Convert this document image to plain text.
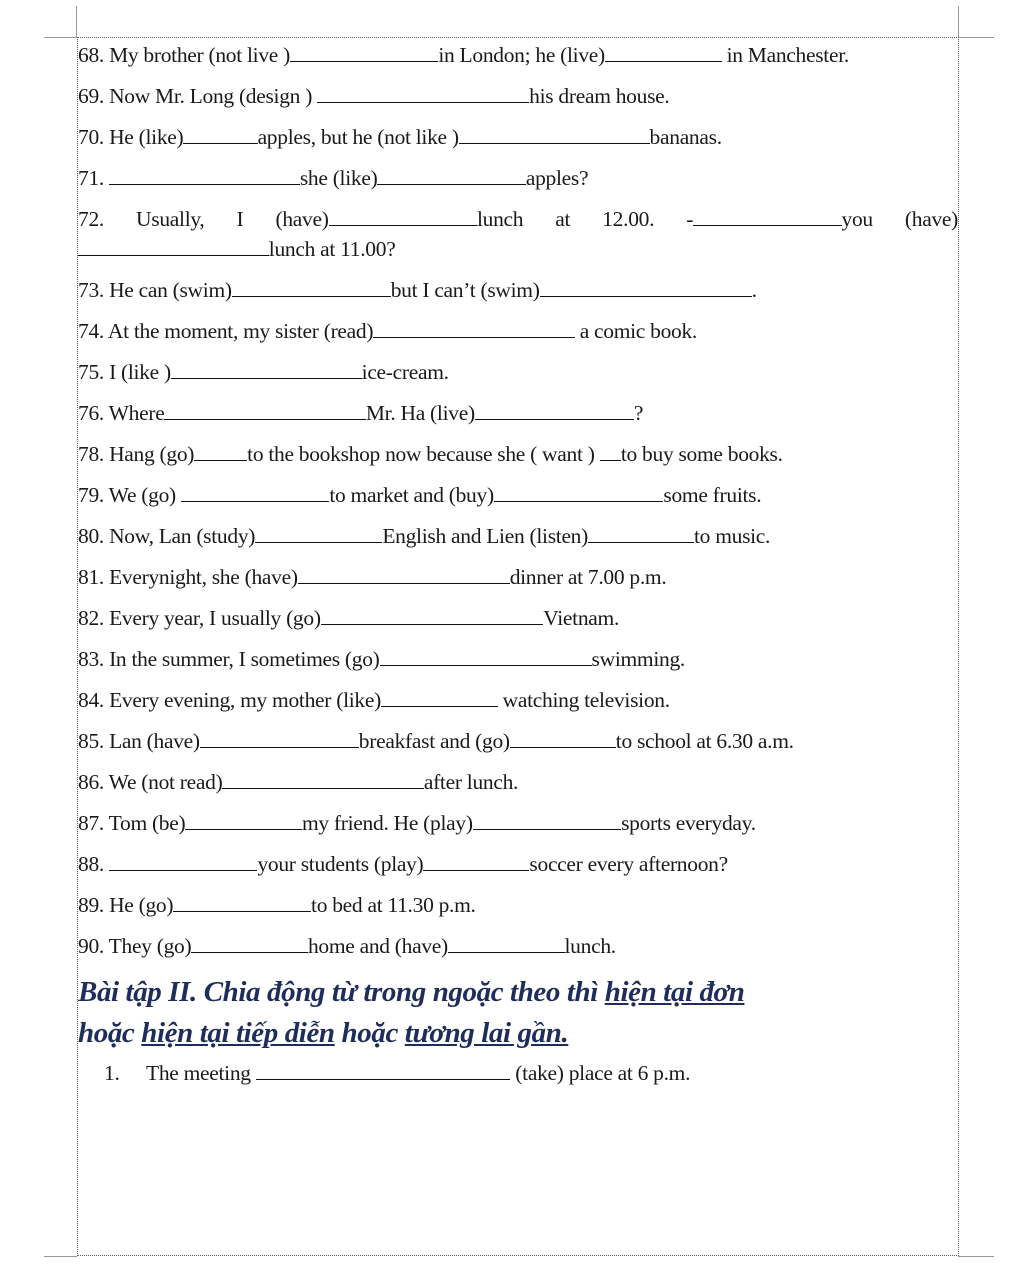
68. My brother (not live )	in London; he (live)	in Manchester.
69. Now Mr. Long (design )	his dream house.
70. He (like)	apples, but he (not like )	bananas.
71.	she (like)	apples?
72. Usually, I (have)	lunch at 12.00. -	you (have) lunch at 11.00?
73. He can (swim)	but I can’t (swim)	.
74. At the moment, my sister (read)	a comic book.
75. I (like )	ice-cream.
76. Where	Mr. Ha (live)	?
78. Hang (go) to the bookshop now because she ( want ) to buy some books.
79. We (go)	to market and (buy)	some fruits.
80. Now, Lan (study)	English and Lien (listen)	to music.
81. Everynight, she (have)	dinner at 7.00 p.m.
82. Every year, I usually (go)	Vietnam.
83. In the summer, I sometimes (go)	swimming.
84. Every evening, my mother (like)	watching television.
85. Lan (have)	breakfast and (go)	to school at 6.30 a.m.
86. We (not read)	after lunch.
87. Tom (be)	my friend. He (play)	sports everyday.
88.	your students (play)	soccer every afternoon?
89. He (go)	to bed at 11.30 p.m.
90. They (go)	home and (have)	lunch.
Bài tập II. Chia động từ trong ngoặc theo thì hiện tại đơn
hoặc hiện tại tiếp diễn hoặc tương lai gần.
1. The meeting	(take) place at 6 p.m.
